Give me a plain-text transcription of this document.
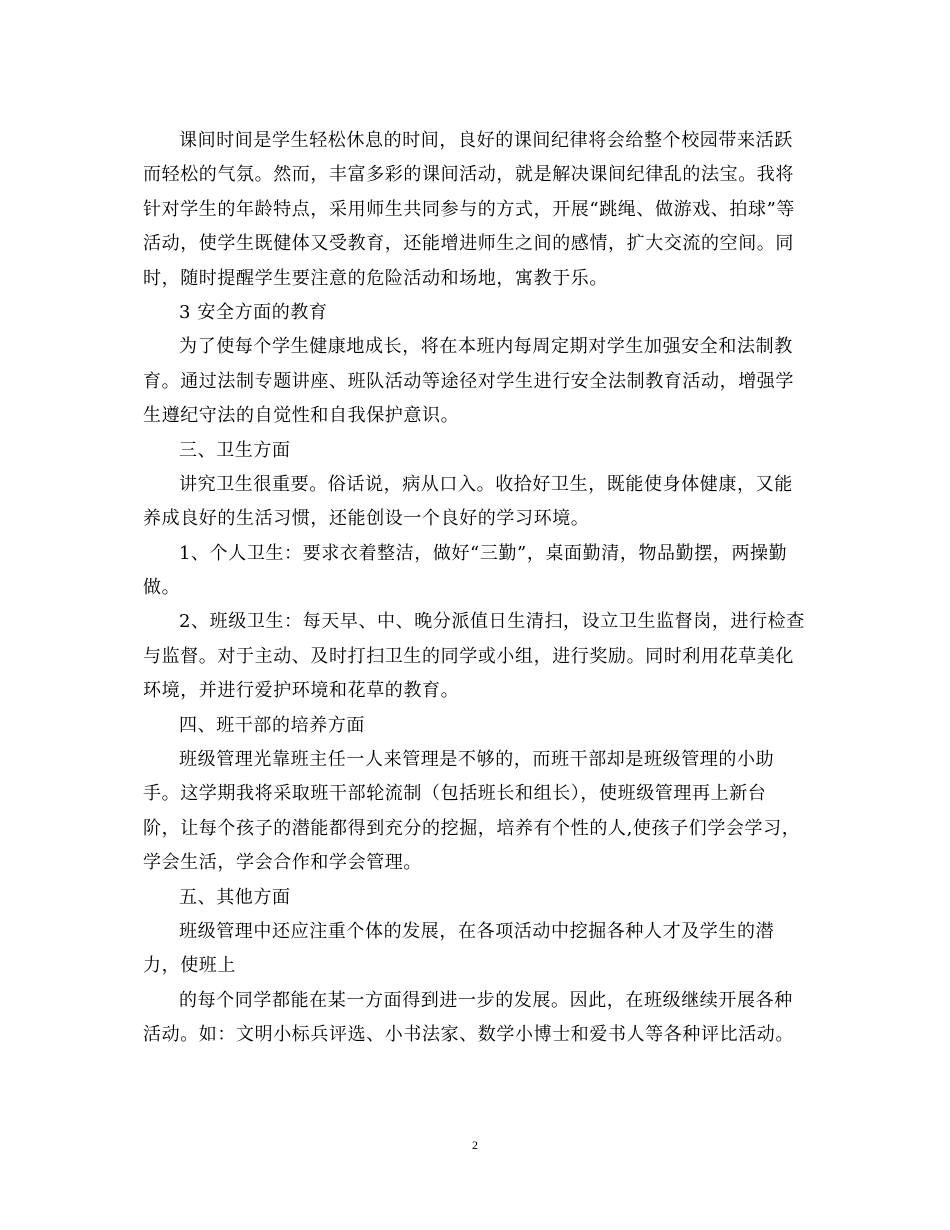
课间时间是学生轻松休息的时间，良好的课间纪律将会给整个校园带来活跃
而轻松的气氛。然而，丰富多彩的课间活动，就是解决课间纪律乱的法宝。我将
针对学生的年龄特点，采用师生共同参与的方式，开展“跳绳、做游戏、拍球”等
活动，使学生既健体又受教育，还能增进师生之间的感情，扩大交流的空间。同
时，随时提醒学生要注意的危险活动和场地，寓教于乐。
3 安全方面的教育
为了使每个学生健康地成长，将在本班内每周定期对学生加强安全和法制教
育。通过法制专题讲座、班队活动等途径对学生进行安全法制教育活动，增强学
生遵纪守法的自觉性和自我保护意识。
三、卫生方面
讲究卫生很重要。俗话说，病从口入。收拾好卫生，既能使身体健康，又能
养成良好的生活习惯，还能创设一个良好的学习环境。
1、个人卫生：要求衣着整洁，做好“三勤”，桌面勤清，物品勤摆，两操勤
做。
2、班级卫生：每天早、中、晚分派值日生清扫，设立卫生监督岗，进行检查
与监督。对于主动、及时打扫卫生的同学或小组，进行奖励。同时利用花草美化
环境，并进行爱护环境和花草的教育。
四、班干部的培养方面
班级管理光靠班主任一人来管理是不够的，而班干部却是班级管理的小助
手。这学期我将采取班干部轮流制（包括班长和组长），使班级管理再上新台
阶，让每个孩子的潜能都得到充分的挖掘，培养有个性的人,使孩子们学会学习，
学会生活，学会合作和学会管理。
五、其他方面
班级管理中还应注重个体的发展，在各项活动中挖掘各种人才及学生的潜
力，使班上
的每个同学都能在某一方面得到进一步的发展。因此，在班级继续开展各种
活动。如：文明小标兵评选、小书法家、数学小博士和爱书人等各种评比活动。
2
